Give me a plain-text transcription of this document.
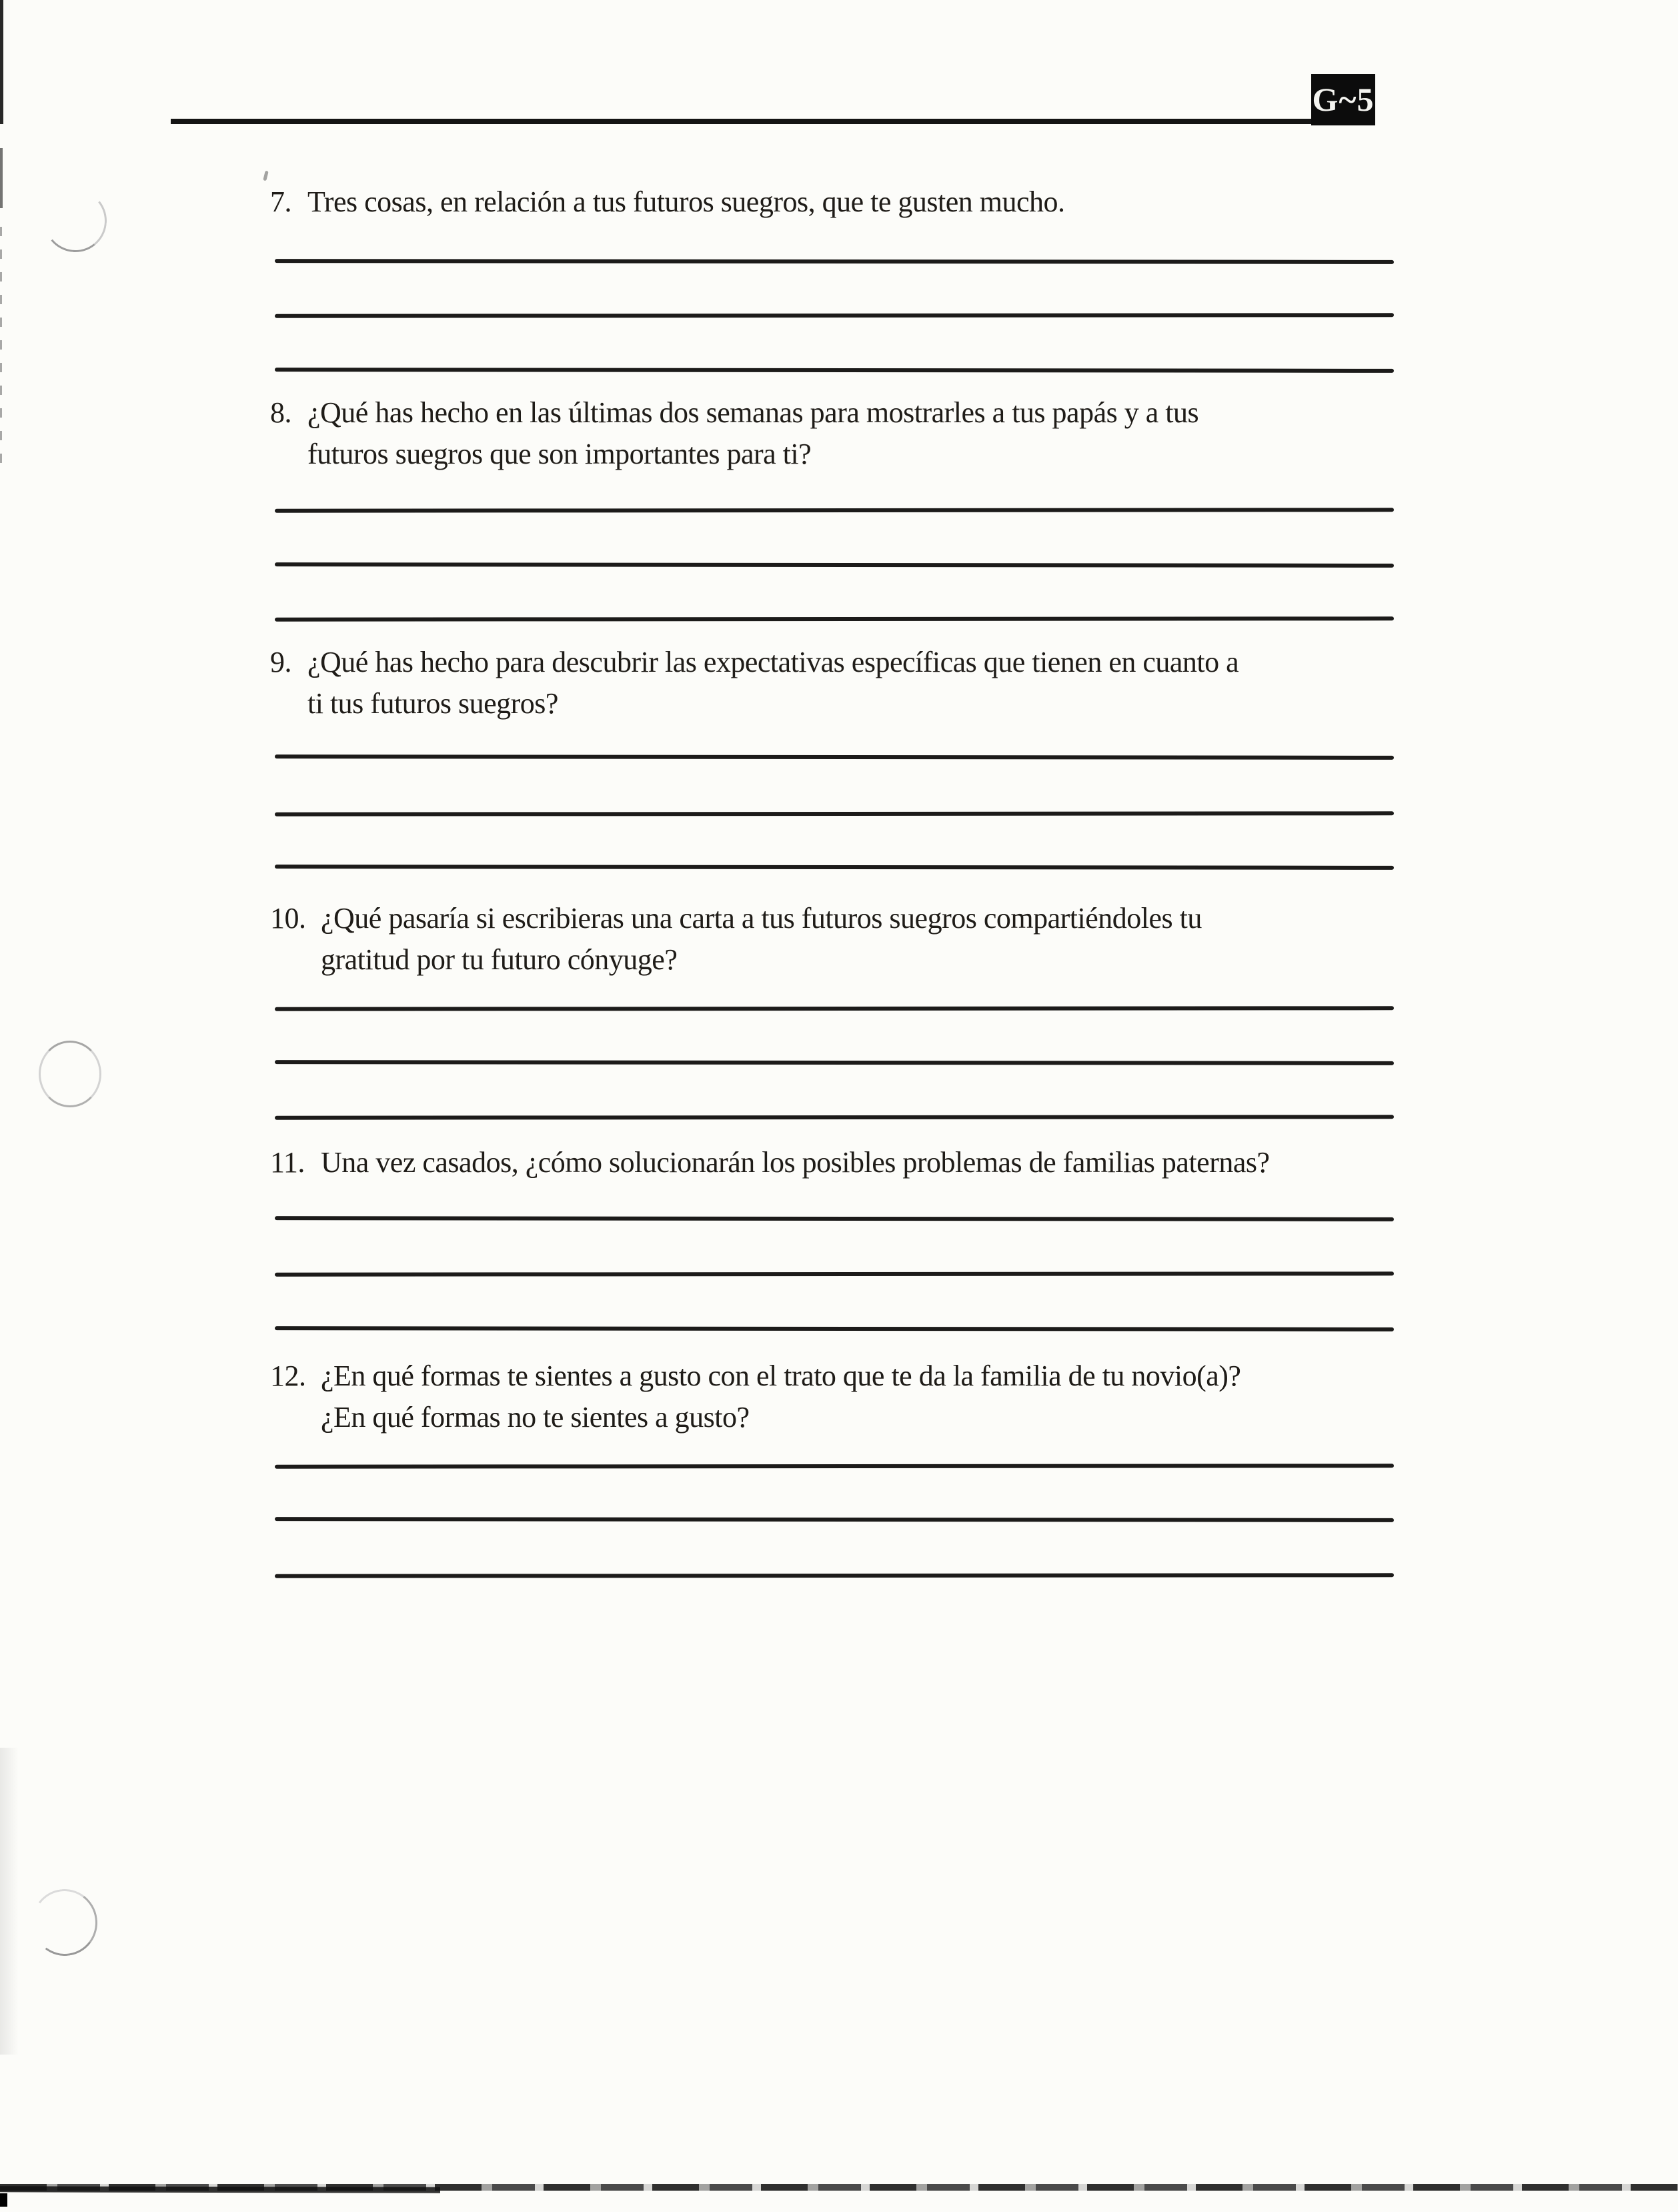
G~5
7. Tres cosas, en relación a tus futuros suegros, que te gusten mucho.
8. ¿Qué has hecho en las últimas dos semanas para mostrarles a tus papás y a tus
futuros suegros que son importantes para ti?
9. ¿Qué has hecho para descubrir las expectativas específicas que tienen en cuanto a
ti tus futuros suegros?
10. ¿Qué pasaría si escribieras una carta a tus futuros suegros compartiéndoles tu
gratitud por tu futuro cónyuge?
11. Una vez casados, ¿cómo solucionarán los posibles problemas de familias paternas?
12. ¿En qué formas te sientes a gusto con el trato que te da la familia de tu novio(a)?
¿En qué formas no te sientes a gusto?
